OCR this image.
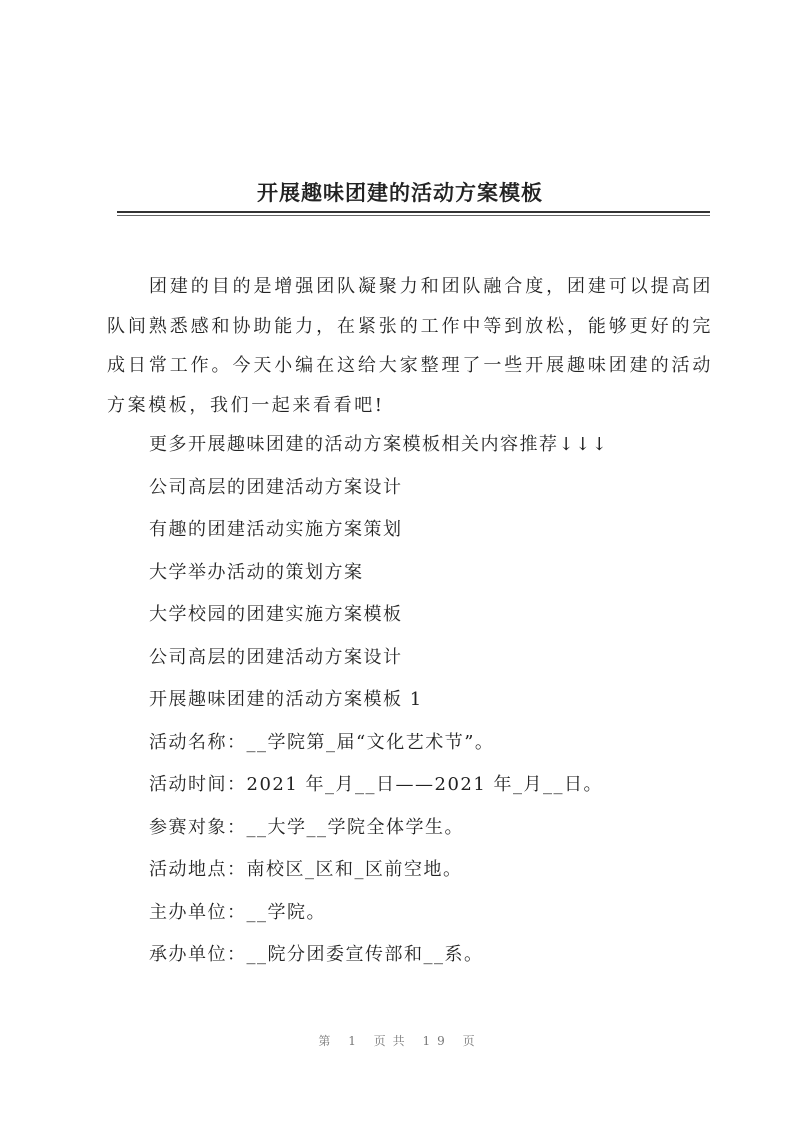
开展趣味团建的活动方案模板

团建的目的是增强团队凝聚力和团队融合度，团建可以提高团队间熟悉感和协助能力，在紧张的工作中等到放松，能够更好的完成日常工作。今天小编在这给大家整理了一些开展趣味团建的活动方案模板，我们一起来看看吧!

更多开展趣味团建的活动方案模板相关内容推荐↓↓↓

公司高层的团建活动方案设计

有趣的团建活动实施方案策划

大学举办活动的策划方案

大学校园的团建实施方案模板

公司高层的团建活动方案设计

开展趣味团建的活动方案模板 1

活动名称：__学院第_届“文化艺术节”。

活动时间：2021 年_月__日——2021 年_月__日。

参赛对象：__大学__学院全体学生。

活动地点：南校区_区和_区前空地。

主办单位：__学院。

承办单位：__院分团委宣传部和__系。

第 1 页共 19 页
